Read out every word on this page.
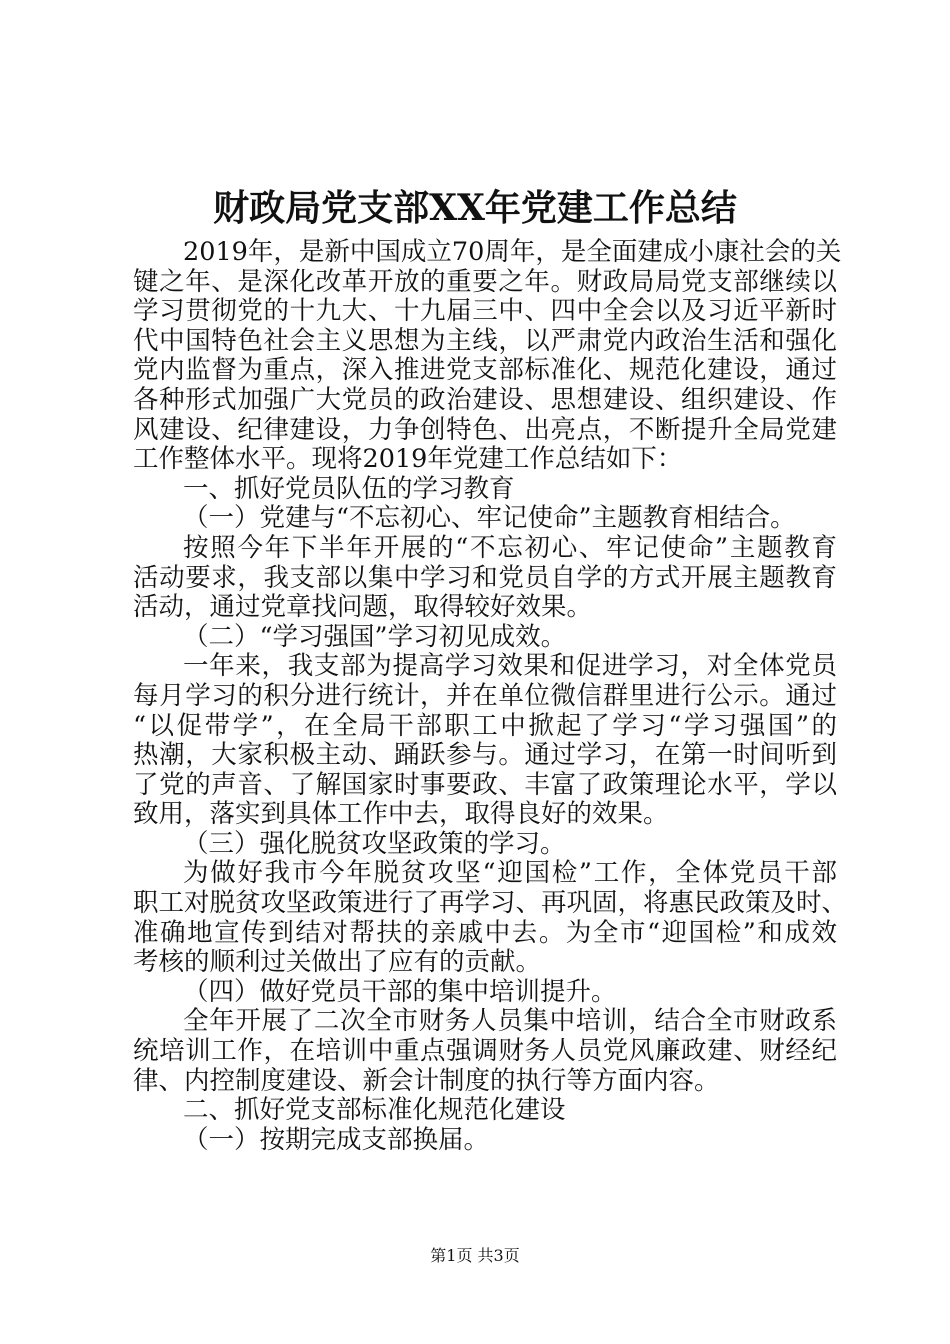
财政局党支部XX年党建工作总结
2019年，是新中国成立70周年，是全面建成小康社会的关
键之年、是深化改革开放的重要之年。财政局局党支部继续以
学习贯彻党的十九大、十九届三中、四中全会以及习近平新时
代中国特色社会主义思想为主线，以严肃党内政治生活和强化
党内监督为重点，深入推进党支部标准化、规范化建设，通过
各种形式加强广大党员的政治建设、思想建设、组织建设、作
风建设、纪律建设，力争创特色、出亮点，不断提升全局党建
工作整体水平。现将2019年党建工作总结如下：
一、抓好党员队伍的学习教育
（一）党建与“不忘初心、牢记使命”主题教育相结合。
按照今年下半年开展的“不忘初心、牢记使命”主题教育
活动要求，我支部以集中学习和党员自学的方式开展主题教育
活动，通过党章找问题，取得较好效果。
（二）“学习强国”学习初见成效。
一年来，我支部为提高学习效果和促进学习，对全体党员
每月学习的积分进行统计，并在单位微信群里进行公示。通过
“以促带学”，在全局干部职工中掀起了学习“学习强国”的
热潮，大家积极主动、踊跃参与。通过学习，在第一时间听到
了党的声音、了解国家时事要政、丰富了政策理论水平，学以
致用，落实到具体工作中去，取得良好的效果。
（三）强化脱贫攻坚政策的学习。
为做好我市今年脱贫攻坚“迎国检”工作，全体党员干部
职工对脱贫攻坚政策进行了再学习、再巩固，将惠民政策及时、
准确地宣传到结对帮扶的亲戚中去。为全市“迎国检”和成效
考核的顺利过关做出了应有的贡献。
（四）做好党员干部的集中培训提升。
全年开展了二次全市财务人员集中培训，结合全市财政系
统培训工作，在培训中重点强调财务人员党风廉政建、财经纪
律、内控制度建设、新会计制度的执行等方面内容。
二、抓好党支部标准化规范化建设
（一）按期完成支部换届。
第1页 共3页
